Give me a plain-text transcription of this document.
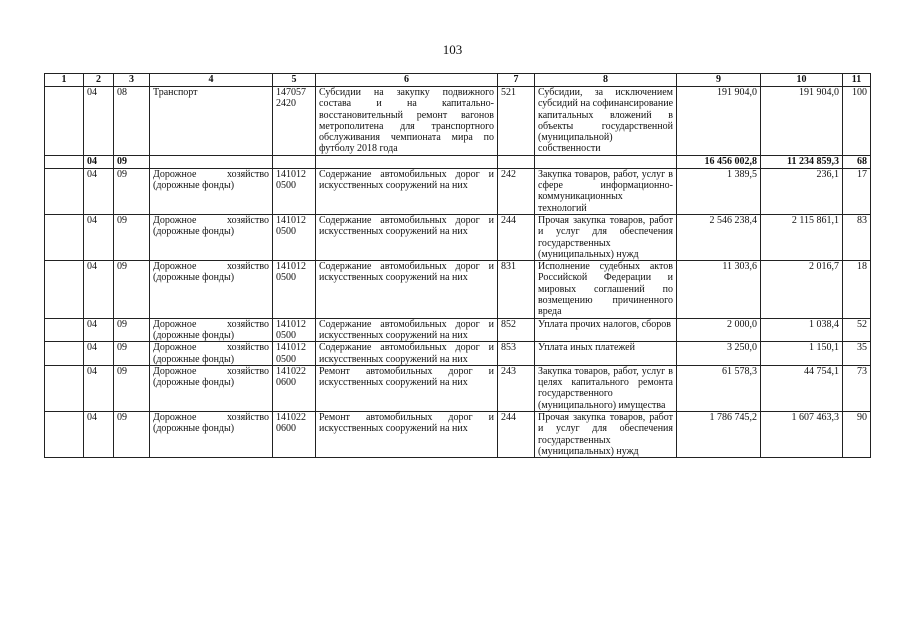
103
1	2	3	4	5	6	7	8	9	10	11
	04	08	Транспорт	147057 2420	Субсидии на закупку подвижного состава и на капитально-восстановительный ремонт вагонов метрополитена для транспортного обслуживания чемпионата мира по футболу 2018 года	521	Субсидии, за исключением субсидий на софинансирование капитальных вложений в объекты государственной (муниципальной) собственности	191 904,0	191 904,0	100
	04	09						16 456 002,8	11 234 859,3	68
	04	09	Дорожное хозяйство (дорожные фонды)	141012 0500	Содержание автомобильных дорог и искусственных сооружений на них	242	Закупка товаров, работ, услуг в сфере информационно-коммуникационных технологий	1 389,5	236,1	17
	04	09	Дорожное хозяйство (дорожные фонды)	141012 0500	Содержание автомобильных дорог и искусственных сооружений на них	244	Прочая закупка товаров, работ и услуг для обеспечения государственных (муниципальных) нужд	2 546 238,4	2 115 861,1	83
	04	09	Дорожное хозяйство (дорожные фонды)	141012 0500	Содержание автомобильных дорог и искусственных сооружений на них	831	Исполнение судебных актов Российской Федерации и мировых соглашений по возмещению причиненного вреда	11 303,6	2 016,7	18
	04	09	Дорожное хозяйство (дорожные фонды)	141012 0500	Содержание автомобильных дорог и искусственных сооружений на них	852	Уплата прочих налогов, сборов	2 000,0	1 038,4	52
	04	09	Дорожное хозяйство (дорожные фонды)	141012 0500	Содержание автомобильных дорог и искусственных сооружений на них	853	Уплата иных платежей	3 250,0	1 150,1	35
	04	09	Дорожное хозяйство (дорожные фонды)	141022 0600	Ремонт автомобильных дорог и искусственных сооружений на них	243	Закупка товаров, работ, услуг в целях капитального ремонта государственного (муниципального) имущества	61 578,3	44 754,1	73
	04	09	Дорожное хозяйство (дорожные фонды)	141022 0600	Ремонт автомобильных дорог и искусственных сооружений на них	244	Прочая закупка товаров, работ и услуг для обеспечения государственных (муниципальных) нужд	1 786 745,2	1 607 463,3	90
